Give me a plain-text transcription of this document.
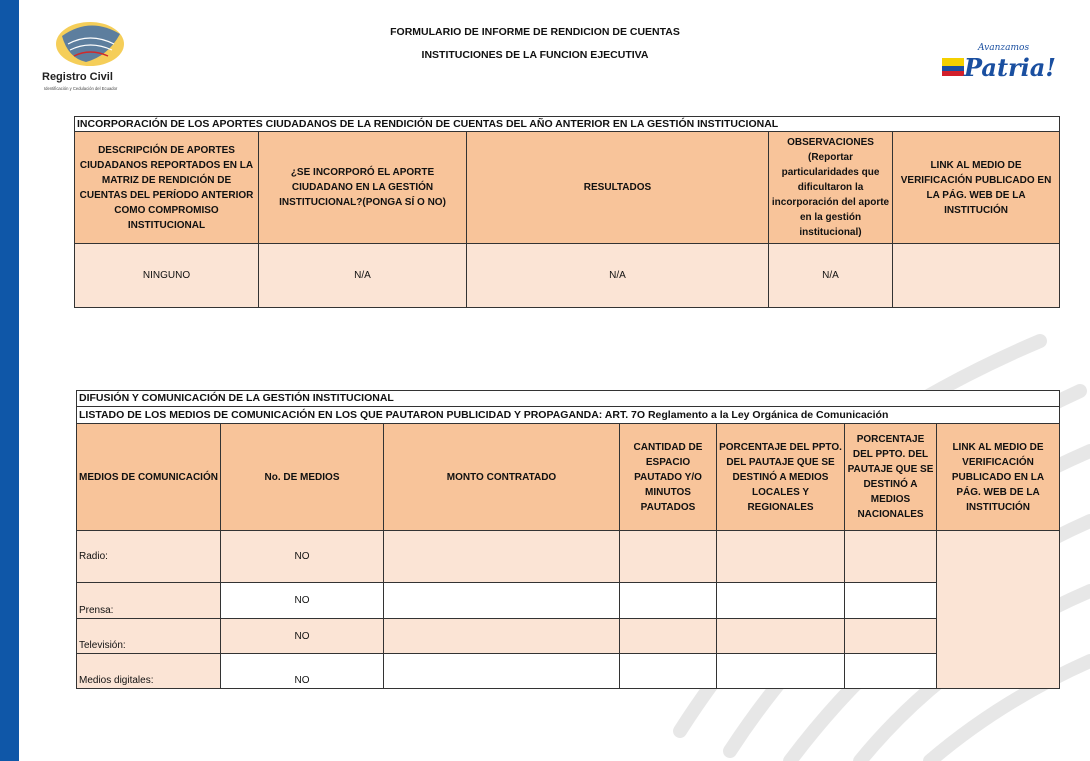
Registro Civil
Identificación y Cedulación del Ecuador
Avanzamos
Patria!
FORMULARIO DE INFORME DE RENDICION DE CUENTAS
INSTITUCIONES DE LA FUNCION EJECUTIVA
INCORPORACIÓN DE LOS APORTES CIUDADANOS DE LA RENDICIÓN DE CUENTAS DEL AÑO ANTERIOR EN LA GESTIÓN INSTITUCIONAL				
DESCRIPCIÓN DE APORTES CIUDADANOS REPORTADOS EN LA MATRIZ DE RENDICIÓN DE CUENTAS DEL PERÍODO ANTERIOR COMO COMPROMISO INSTITUCIONAL	¿SE INCORPORÓ EL APORTE CIUDADANO EN LA GESTIÓN INSTITUCIONAL?(PONGA SÍ O NO)	RESULTADOS	OBSERVACIONES (Reportar particularidades que dificultaron la incorporación del aporte en la gestión institucional)	LINK AL MEDIO DE VERIFICACIÓN PUBLICADO EN LA PÁG. WEB DE LA INSTITUCIÓN
NINGUNO	N/A	N/A	N/A	
DIFUSIÓN Y COMUNICACIÓN DE LA GESTIÓN INSTITUCIONAL						
LISTADO DE LOS MEDIOS DE COMUNICACIÓN EN LOS QUE PAUTARON PUBLICIDAD Y PROPAGANDA: ART. 7O Reglamento a la Ley Orgánica de Comunicación						
MEDIOS DE COMUNICACIÓN	No. DE MEDIOS	MONTO CONTRATADO	CANTIDAD DE ESPACIO PAUTADO Y/O MINUTOS PAUTADOS	PORCENTAJE DEL PPTO. DEL PAUTAJE QUE SE DESTINÓ A MEDIOS LOCALES Y REGIONALES	PORCENTAJE DEL PPTO. DEL PAUTAJE QUE SE DESTINÓ A MEDIOS NACIONALES	LINK AL MEDIO DE VERIFICACIÓN PUBLICADO EN LA PÁG. WEB DE LA INSTITUCIÓN
Radio:	NO					
Prensa:	NO					
Televisión:	NO					
Medios digitales:	NO					
